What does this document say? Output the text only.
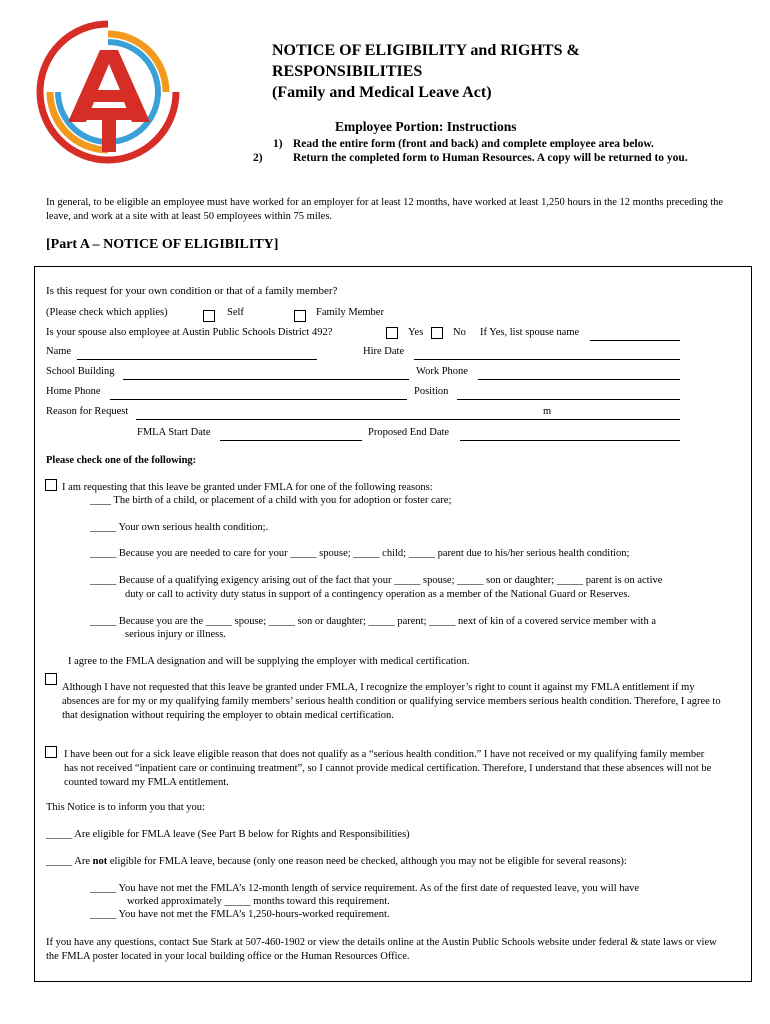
NOTICE OF ELIGIBILITY and RIGHTS &
RESPONSIBILITIES
(Family and Medical Leave Act)
Employee Portion: Instructions
1) Read the entire form (front and back) and complete employee area below.
2)	Return the completed form to Human Resources. A copy will be returned to you.
In general, to be eligible an employee must have worked for an employer for at least 12 months, have worked at least 1,250 hours in the 12 months preceding the leave, and work at a site with at least 50 employees within 75 miles.
[Part A – NOTICE OF ELIGIBILITY]
Is this request for your own condition or that of a family member?
(Please check which applies)	Self	Family Member
Is your spouse also employee at Austin Public Schools District 492?	Yes	No If Yes, list spouse name
Name	Hire Date
School Building	Work Phone
Home Phone	Position
Reason for Request	m
FMLA Start Date	Proposed End Date
Please check one of the following:
I am requesting that this leave be granted under FMLA for one of the following reasons:
____ The birth of a child, or placement of a child with you for adoption or foster care;
_____ Your own serious health condition;.
_____ Because you are needed to care for your _____ spouse; _____ child; _____ parent due to his/her serious health condition;
_____ Because of a qualifying exigency arising out of the fact that your _____ spouse; _____ son or daughter; _____ parent is on active
duty or call to activity duty status in support of a contingency operation as a member of the National Guard or Reserves.
_____ Because you are the _____ spouse; _____ son or daughter; _____ parent; _____ next of kin of a covered service member with a
serious injury or illness.
I agree to the FMLA designation and will be supplying the employer with medical certification.
Although I have not requested that this leave be granted under FMLA, I recognize the employer’s right to count it against my FMLA entitlement if my absences are for my or my qualifying family members’ serious health condition or qualifying service members serious health condition. Therefore, I agree to that designation without requiring the employer to obtain medical certification.
I have been out for a sick leave eligible reason that does not qualify as a “serious health condition.” I have not received or my qualifying family member has not received “inpatient care or continuing treatment”, so I cannot provide medical certification. Therefore, I understand that these absences will not be counted toward my FMLA entitlement.
This Notice is to inform you that you:
_____ Are eligible for FMLA leave (See Part B below for Rights and Responsibilities)
_____ Are not eligible for FMLA leave, because (only one reason need be checked, although you may not be eligible for several reasons):
_____ You have not met the FMLA’s 12-month length of service requirement. As of the first date of requested leave, you will have
worked approximately _____ months toward this requirement.
_____ You have not met the FMLA’s 1,250-hours-worked requirement.
If you have any questions, contact Sue Stark at 507-460-1902 or view the details online at the Austin Public Schools website under federal & state laws or view the FMLA poster located in your local building office or the Human Resources Office.
